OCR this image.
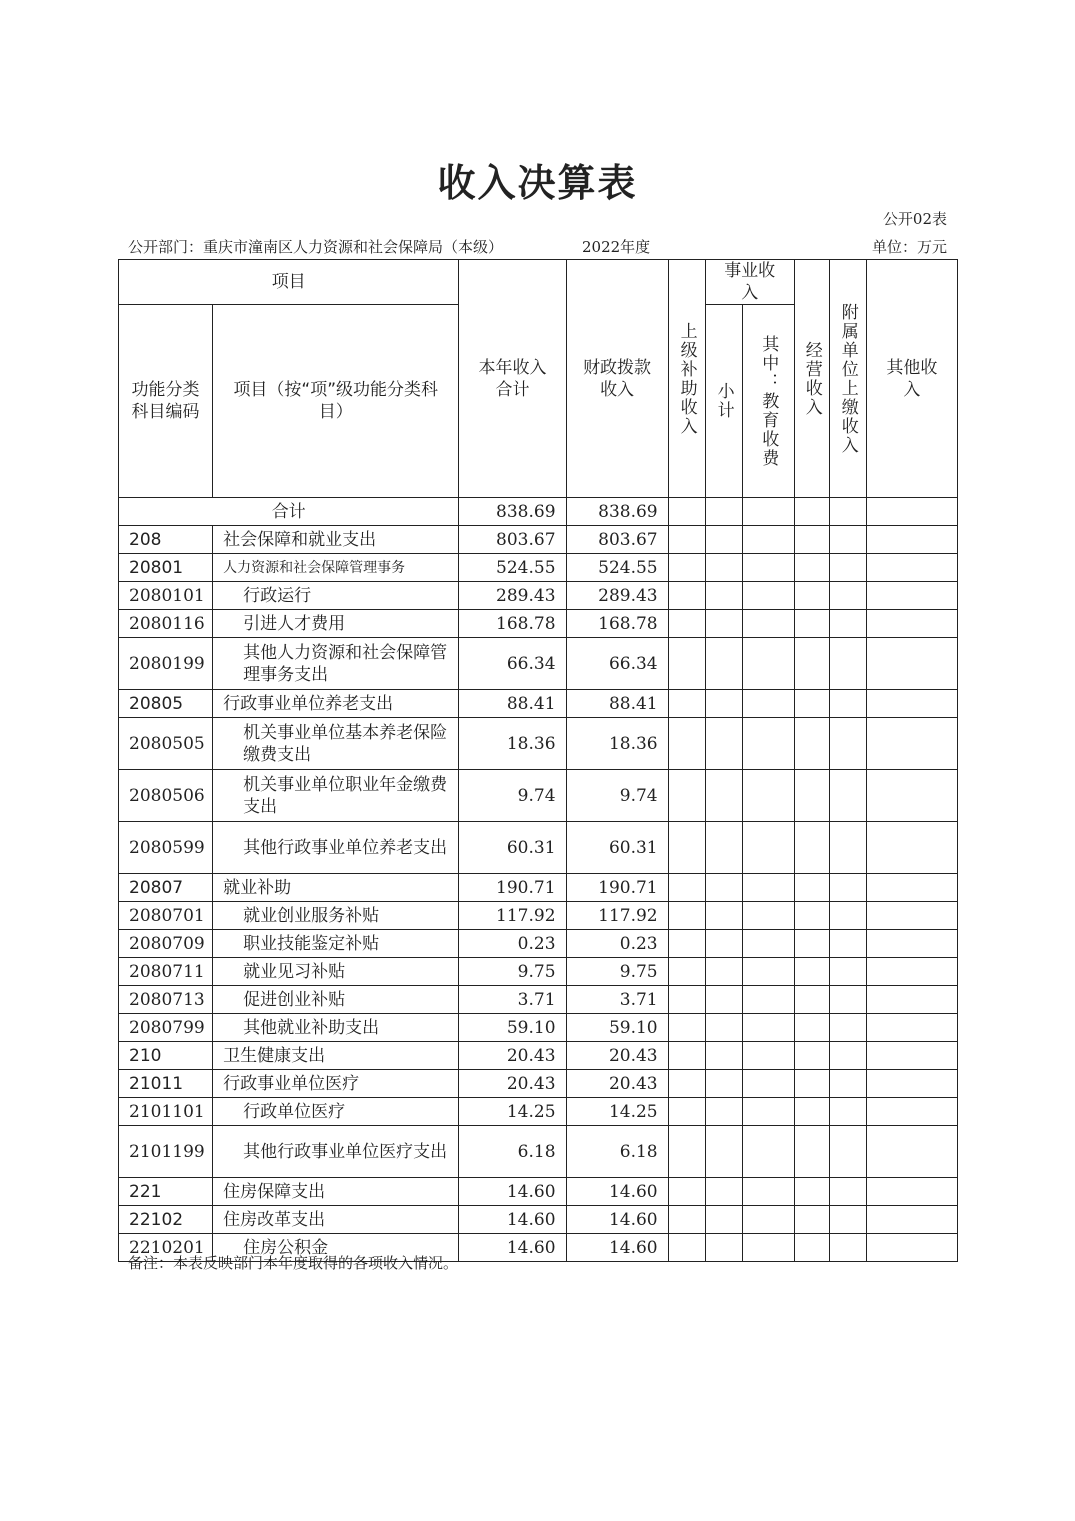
收入决算表
公开02表
公开部门：重庆市潼南区人力资源和社会保障局（本级）	2022年度	单位：万元
项目		本年收入合计	财政拨款收入	上级补助收入	事业收入		经营收入	附属单位上缴收入	其他收入

功能分类科目编码	项目（按“项”级功能分类科目）				小计	其中：教育收费			

合计		838.69	838.69						
208	社会保障和就业支出	803.67	803.67						
20801	人力资源和社会保障管理事务	524.55	524.55						
2080101	行政运行	289.43	289.43						
2080116	引进人才费用	168.78	168.78						
2080199	其他人力资源和社会保障管理事务支出	66.34	66.34						
20805	行政事业单位养老支出	88.41	88.41						
2080505	机关事业单位基本养老保险缴费支出	18.36	18.36						
2080506	机关事业单位职业年金缴费支出	9.74	9.74						
2080599	其他行政事业单位养老支出	60.31	60.31						
20807	就业补助	190.71	190.71						
2080701	就业创业服务补贴	117.92	117.92						
2080709	职业技能鉴定补贴	0.23	0.23						
2080711	就业见习补贴	9.75	9.75						
2080713	促进创业补贴	3.71	3.71						
2080799	其他就业补助支出	59.10	59.10						
210	卫生健康支出	20.43	20.43						
21011	行政事业单位医疗	20.43	20.43						
2101101	行政单位医疗	14.25	14.25						
2101199	其他行政事业单位医疗支出	6.18	6.18						
221	住房保障支出	14.60	14.60						
22102	住房改革支出	14.60	14.60						
2210201	住房公积金	14.60	14.60						
备注：本表反映部门本年度取得的各项收入情况。
